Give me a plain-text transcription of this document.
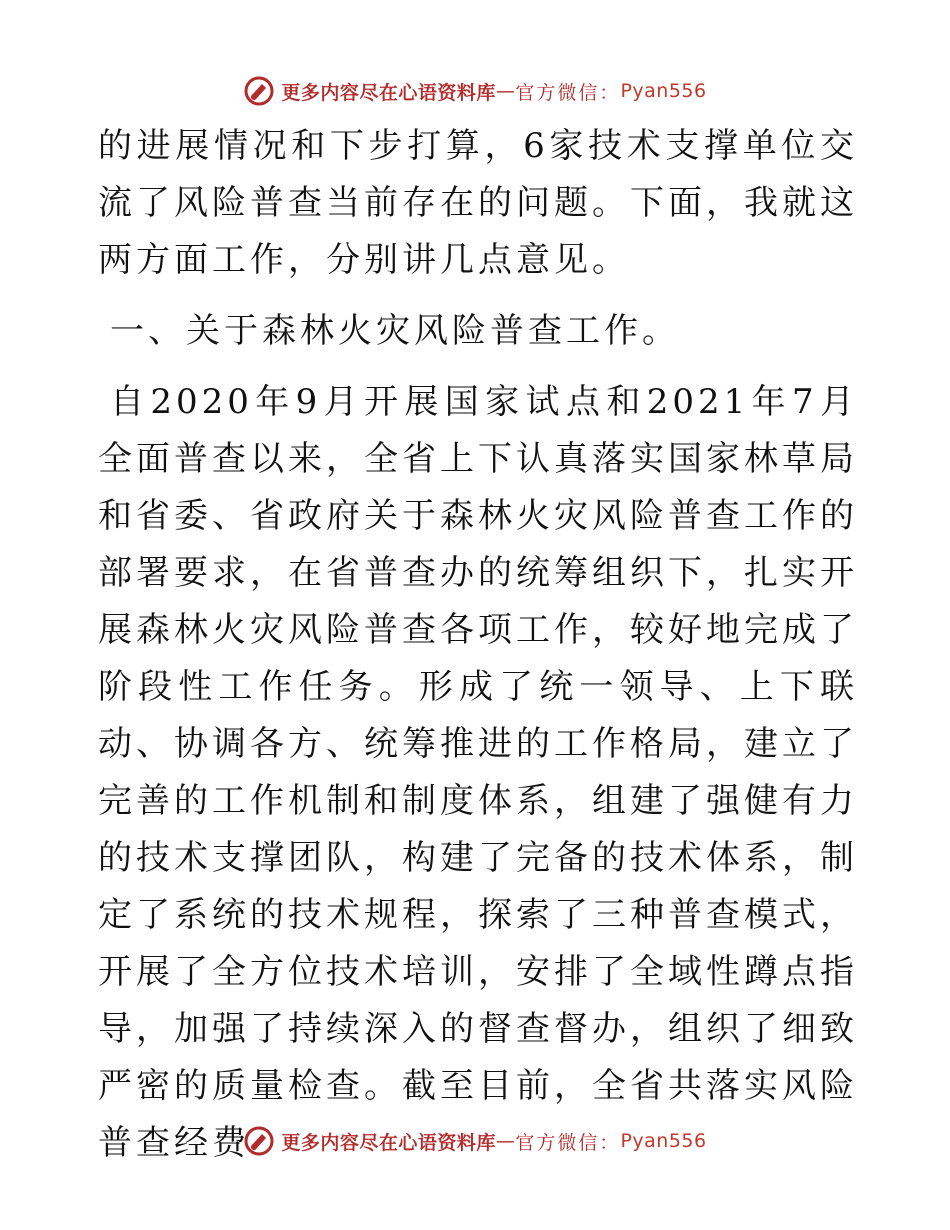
更多内容尽在心语资料库 — 官方微信： Pyan556

的进展情况和下步打算，6家技术支撑单位交流了风险普查当前存在的问题。下面，我就这两方面工作，分别讲几点意见。

一、关于森林火灾风险普查工作。

自2020年9月开展国家试点和2021年7月全面普查以来，全省上下认真落实国家林草局和省委、省政府关于森林火灾风险普查工作的部署要求，在省普查办的统筹组织下，扎实开展森林火灾风险普查各项工作，较好地完成了阶段性工作任务。形成了统一领导、上下联动、协调各方、统筹推进的工作格局，建立了完善的工作机制和制度体系，组建了强健有力的技术支撑团队，构建了完备的技术体系，制定了系统的技术规程，探索了三种普查模式，开展了全方位技术培训，安排了全域性蹲点指导，加强了持续深入的督查督办，组织了细致严密的质量检查。截至目前，全省共落实风险普查经费	更多内容尽在心语资料库 — 官方微信： Pyan556
